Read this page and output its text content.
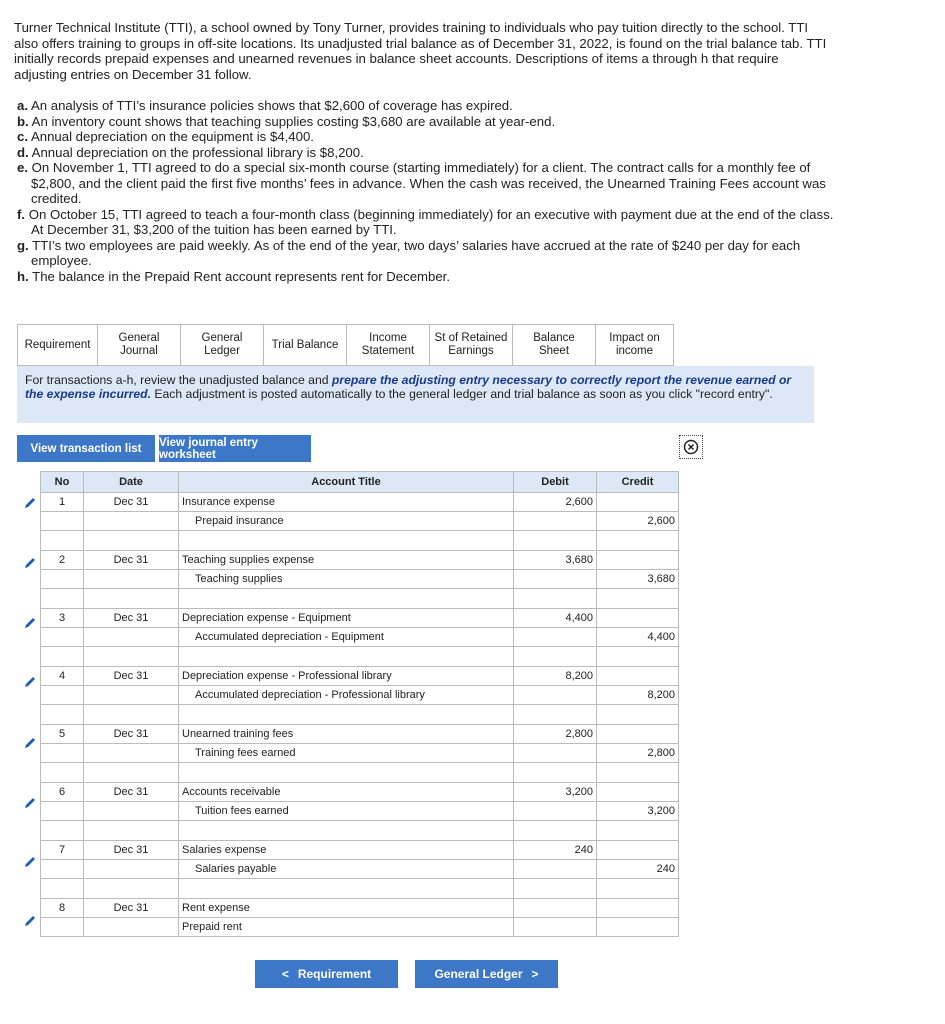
Turner Technical Institute (TTI), a school owned by Tony Turner, provides training to individuals who pay tuition directly to the school. TTI also offers training to groups in off-site locations. Its unadjusted trial balance as of December 31, 2022, is found on the trial balance tab. TTI initially records prepaid expenses and unearned revenues in balance sheet accounts. Descriptions of items a through h that require adjusting entries on December 31 follow.
a. An analysis of TTI’s insurance policies shows that $2,600 of coverage has expired.
b. An inventory count shows that teaching supplies costing $3,680 are available at year-end.
c. Annual depreciation on the equipment is $4,400.
d. Annual depreciation on the professional library is $8,200.
e. On November 1, TTI agreed to do a special six-month course (starting immediately) for a client. The contract calls for a monthly fee of $2,800, and the client paid the first five months’ fees in advance. When the cash was received, the Unearned Training Fees account was credited.
f. On October 15, TTI agreed to teach a four-month class (beginning immediately) for an executive with payment due at the end of the class. At December 31, $3,200 of the tuition has been earned by TTI.
g. TTI’s two employees are paid weekly. As of the end of the year, two days’ salaries have accrued at the rate of $240 per day for each employee.
h. The balance in the Prepaid Rent account represents rent for December.
Requirement
General Journal
General Ledger
Trial Balance
Income Statement
St of Retained Earnings
Balance Sheet
Impact on income
For transactions a-h, review the unadjusted balance and prepare the adjusting entry necessary to correctly report the revenue earned or the expense incurred. Each adjustment is posted automatically to the general ledger and trial balance as soon as you click "record entry".
View transaction list	View journal entry worksheet
No	Date	Account Title	Debit	Credit
1	Dec 31	Insurance expense	2,600	
		Prepaid insurance		2,600

2	Dec 31	Teaching supplies expense	3,680	
		Teaching supplies		3,680

3	Dec 31	Depreciation expense - Equipment	4,400	
		Accumulated depreciation - Equipment		4,400

4	Dec 31	Depreciation expense - Professional library	8,200	
		Accumulated depreciation - Professional library		8,200

5	Dec 31	Unearned training fees	2,800	
		Training fees earned		2,800

6	Dec 31	Accounts receivable	3,200	
		Tuition fees earned		3,200

7	Dec 31	Salaries expense	240	
		Salaries payable		240

8	Dec 31	Rent expense		
		Prepaid rent		
< Requirement	General Ledger >
